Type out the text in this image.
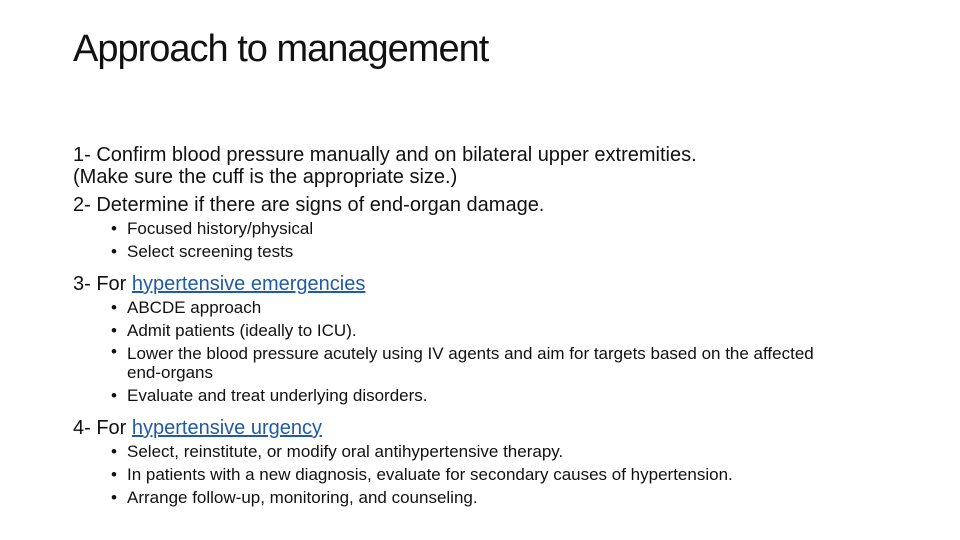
Approach to management

1- Confirm blood pressure manually and on bilateral upper extremities. (Make sure the cuff is the appropriate size.)

2- Determine if there are signs of end-organ damage.

• Focused history/physical
• Select screening tests

3- For hypertensive emergencies

• ABCDE approach
• Admit patients (ideally to ICU).
• Lower the blood pressure acutely using IV agents and aim for targets based on the affected end-organs
• Evaluate and treat underlying disorders.

4- For hypertensive urgency

• Select, reinstitute, or modify oral antihypertensive therapy.
• In patients with a new diagnosis, evaluate for secondary causes of hypertension.
• Arrange follow-up, monitoring, and counseling.
